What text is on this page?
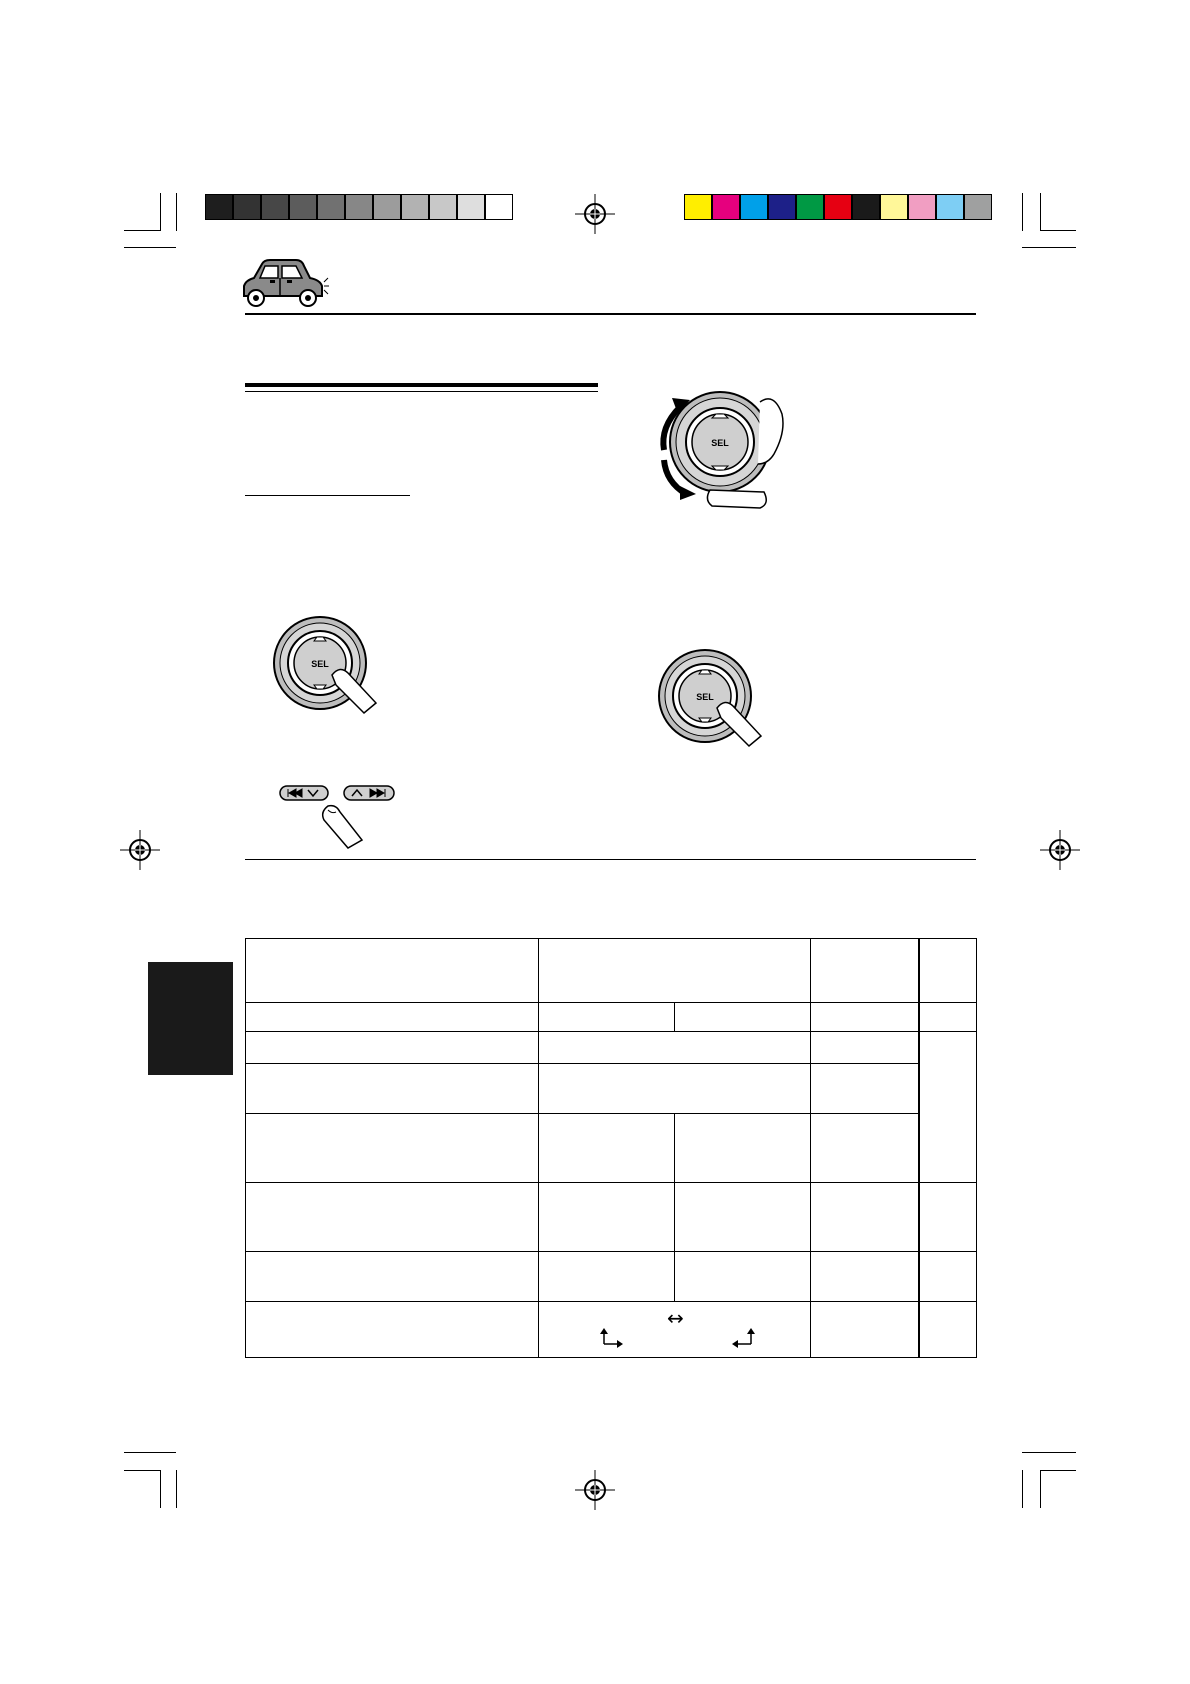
SEL
SEL
SEL

↔
